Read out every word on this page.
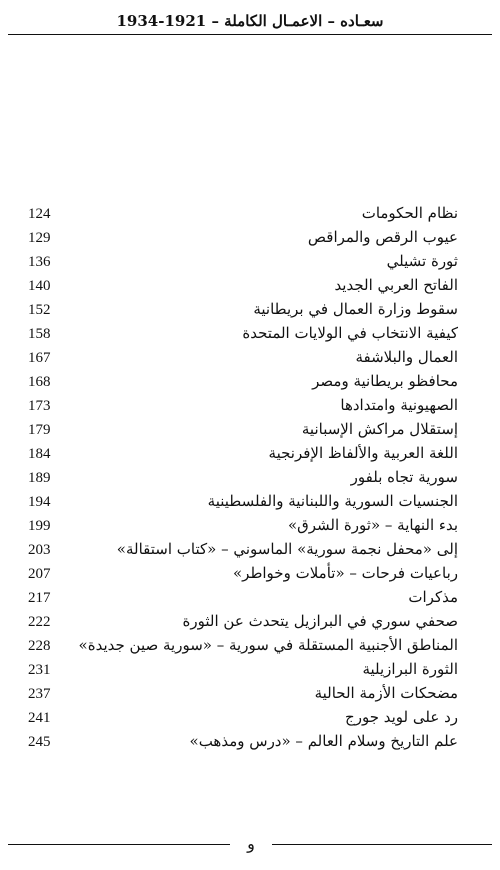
سعـاده – الاعمـال الكاملة – 1921-1934
نظام الحكومات
124
عيوب الرقص والمراقص
129
ثورة تشيلي
136
الفاتح العربي الجديد
140
سقوط وزارة العمال في بريطانية
152
كيفية الانتخاب في الولايات المتحدة
158
العمال والبلاشفة
167
محافظو بريطانية ومصر
168
الصهيونية وامتدادها
173
إستقلال مراكش الإسبانية
179
اللغة العربية والألفاظ الإفرنجية
184
سورية تجاه بلفور
189
الجنسيات السورية واللبنانية والفلسطينية
194
بدء النهاية – «ثورة الشرق»
199
إلى «محفل نجمة سورية» الماسوني – «كتاب استقالة»
203
رباعيات فرحات – «تأملات وخواطر»
207
مذكرات
217
صحفي سوري في البرازيل يتحدث عن الثورة
222
المناطق الأجنبية المستقلة في سورية – «سورية صين جديدة»
228
الثورة البرازيلية
231
مضحكات الأزمة الحالية
237
رد على لويد جورج
241
علم التاريخ وسلام العالم – «درس ومذهب»
245
و
